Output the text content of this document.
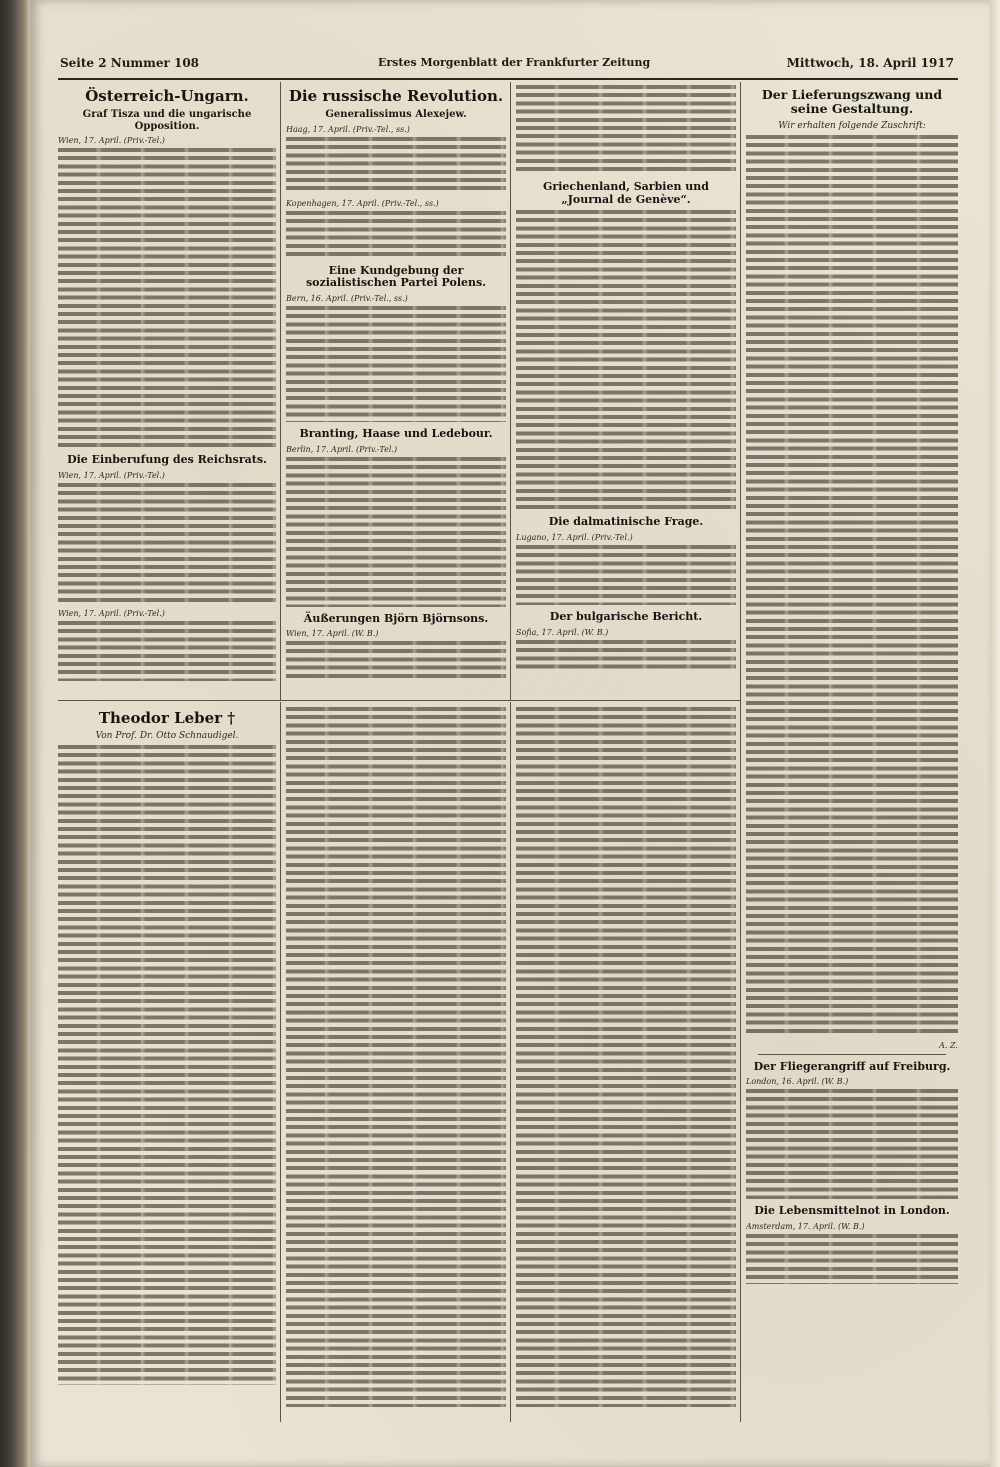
Seite 2 Nummer 108	Erstes Morgenblatt der Frankfurter Zeitung	Mittwoch, 18. April 1917
Österreich-Ungarn.
Graf Tisza und die ungarische Opposition.
Wien, 17. April. (Priv.-Tel.)
Die Einberufung des Reichsrats.
Wien, 17. April. (Priv.-Tel.)
Wien, 17. April. (Priv.-Tel.)
Die russische Revolution.
Generalissimus Alexejew.
Haag, 17. April. (Priv.-Tel., ss.)
Kopenhagen, 17. April. (Priv.-Tel., ss.)
Eine Kundgebung der sozialistischen Partei Polens.
Bern, 16. April. (Priv.-Tel., ss.)
Branting, Haase und Ledebour.
Berlin, 17. April. (Priv.-Tel.)
Äußerungen Björn Björnsons.
Wien, 17. April. (W. B.)
Griechenland, Sarbien und „Journal de Genève“.
Die dalmatinische Frage.
Lugano, 17. April. (Priv.-Tel.)
Der bulgarische Bericht.
Sofia, 17. April. (W. B.)
Der Lieferungszwang und seine Gestaltung.
Wir erhalten folgende Zuschrift:
A. Z.
Der Fliegerangriff auf Freiburg.
London, 16. April. (W. B.)
Die Lebensmittelnot in London.
Amsterdam, 17. April. (W. B.)
Theodor Leber †
Von Prof. Dr. Otto Schnaudigel.
